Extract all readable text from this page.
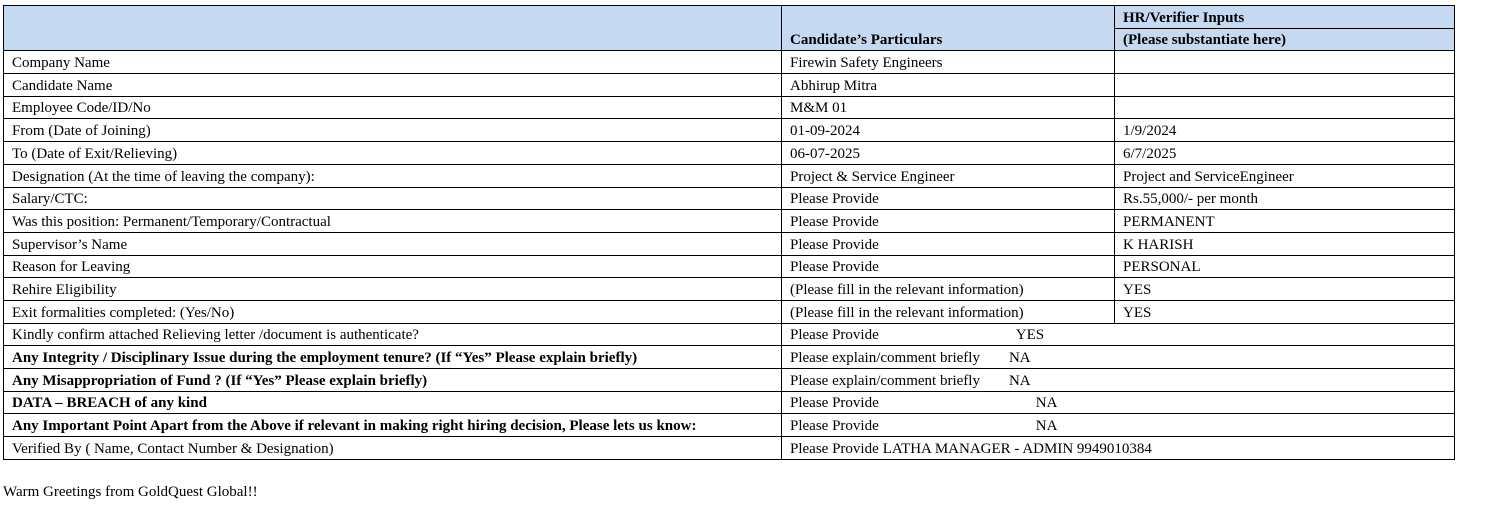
	Candidate’s Particulars	HR/Verifier Inputs
		(Please substantiate here)
Company Name	Firewin Safety Engineers	
Candidate Name	Abhirup Mitra	
Employee Code/ID/No	M&M 01	
From (Date of Joining)	01-09-2024	1/9/2024
To (Date of Exit/Relieving)	06-07-2025	6/7/2025
Designation (At the time of leaving the company):	Project & Service Engineer	Project and ServiceEngineer
Salary/CTC:	Please Provide	Rs.55,000/- per month
Was this position: Permanent/Temporary/Contractual	Please Provide	PERMANENT
Supervisor’s Name	Please Provide	K HARISH
Reason for Leaving	Please Provide	PERSONAL
Rehire Eligibility	(Please fill in the relevant information)	YES
Exit formalities completed: (Yes/No)	(Please fill in the relevant information)	YES
Kindly confirm attached Relieving letter /document is authenticate?	Please Provide YES	
Any Integrity / Disciplinary Issue during the employment tenure? (If “Yes” Please explain briefly)	Please explain/comment briefly NA	
Any Misappropriation of Fund ? (If “Yes” Please explain briefly)	Please explain/comment briefly NA	
DATA – BREACH of any kind	Please Provide NA	
Any Important Point Apart from the Above if relevant in making right hiring decision, Please lets us know:	Please Provide NA	
Verified By ( Name, Contact Number & Designation)	Please Provide LATHA MANAGER - ADMIN 9949010384	
Warm Greetings from GoldQuest Global!!
